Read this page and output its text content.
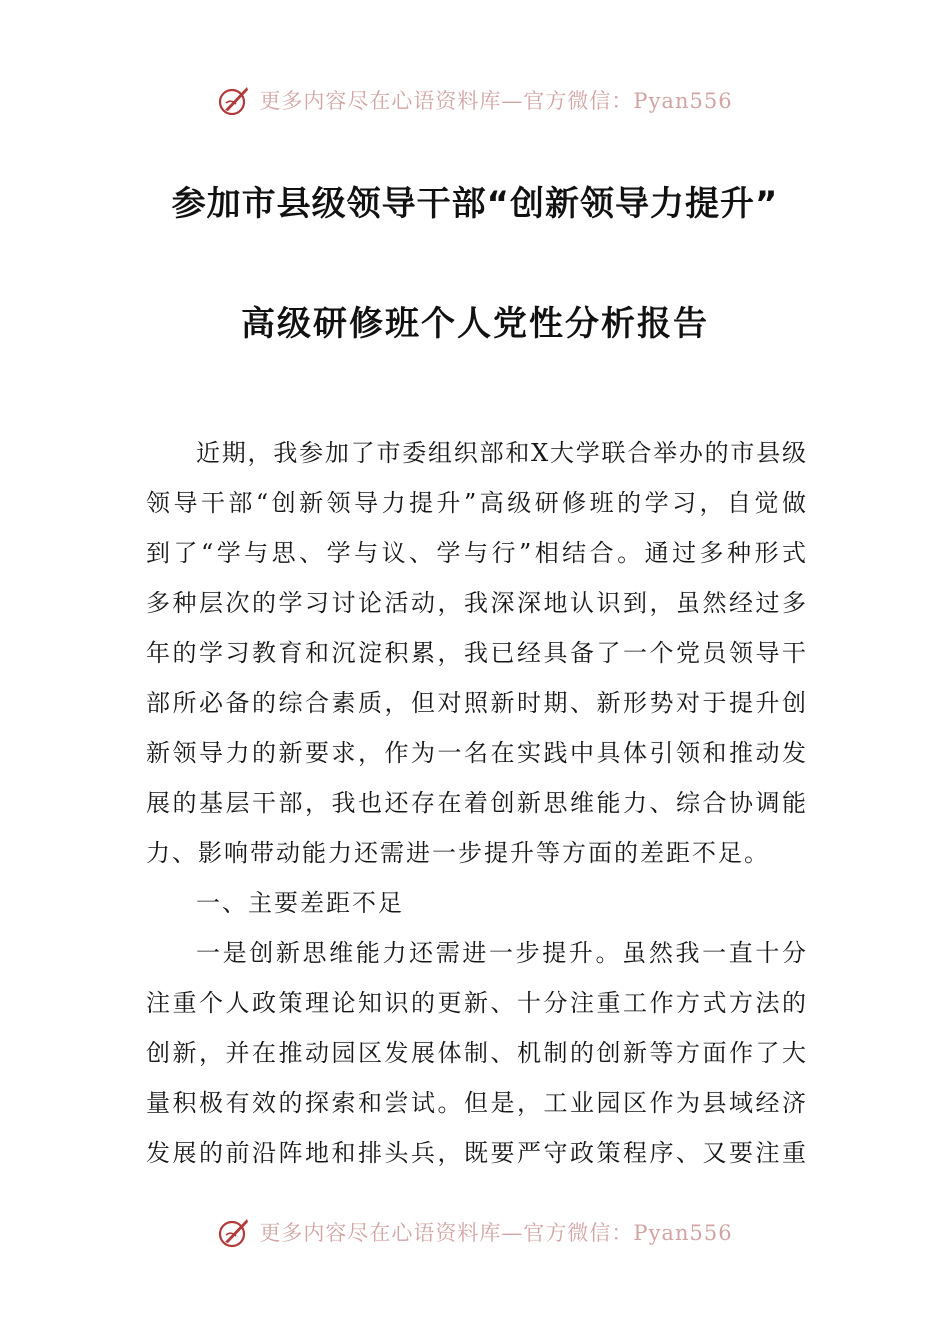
更多内容尽在心语资料库—官方微信：Pyan556
参加市县级领导干部“创新领导力提升”
高级研修班个人党性分析报告
近期，我参加了市委组织部和X大学联合举办的市县级
领导干部“创新领导力提升”高级研修班的学习，自觉做
到了“学与思、学与议、学与行”相结合。通过多种形式
多种层次的学习讨论活动，我深深地认识到，虽然经过多
年的学习教育和沉淀积累，我已经具备了一个党员领导干
部所必备的综合素质，但对照新时期、新形势对于提升创
新领导力的新要求，作为一名在实践中具体引领和推动发
展的基层干部，我也还存在着创新思维能力、综合协调能
力、影响带动能力还需进一步提升等方面的差距不足。
一、主要差距不足
一是创新思维能力还需进一步提升。虽然我一直十分
注重个人政策理论知识的更新、十分注重工作方式方法的
创新，并在推动园区发展体制、机制的创新等方面作了大
量积极有效的探索和尝试。但是，工业园区作为县域经济
发展的前沿阵地和排头兵，既要严守政策程序、又要注重
更多内容尽在心语资料库—官方微信：Pyan556
